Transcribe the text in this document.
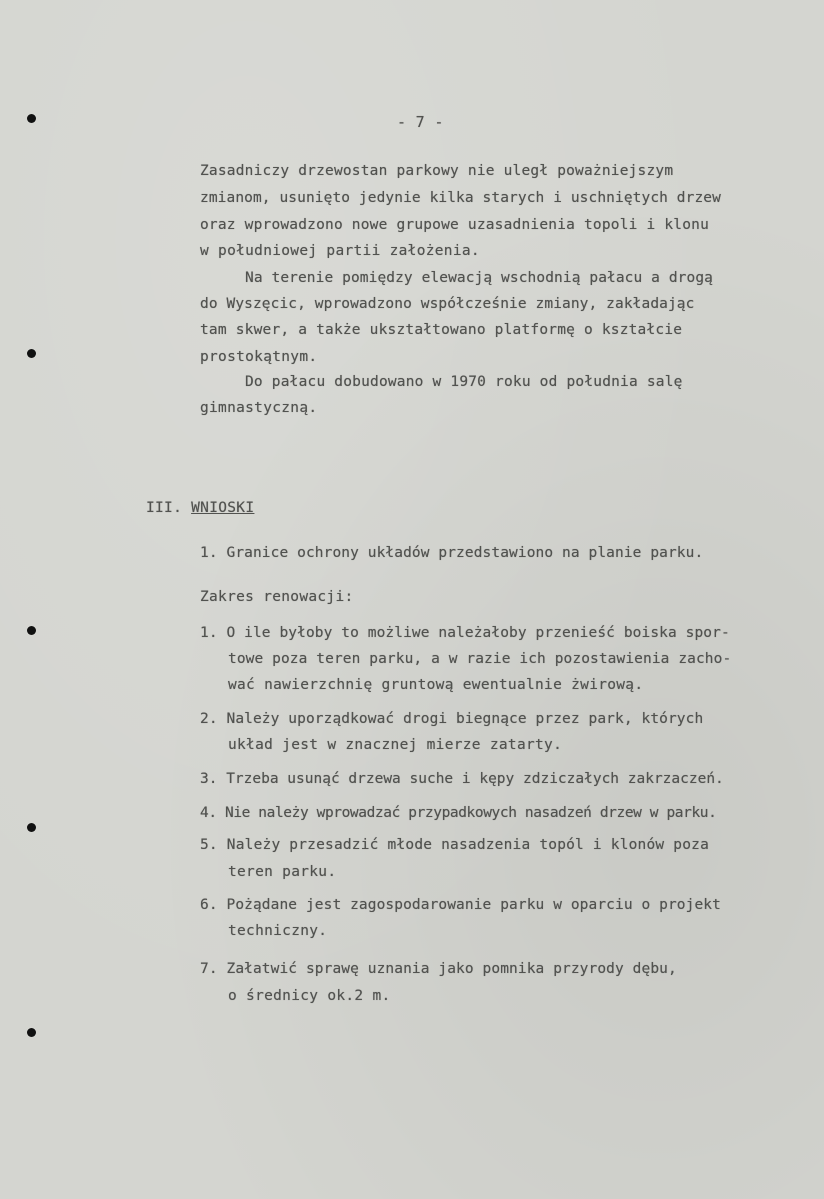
- 7 -
Zasadniczy drzewostan parkowy nie uległ poważniejszym
zmianom, usunięto jedynie kilka starych i uschniętych drzew
oraz wprowadzono nowe grupowe uzasadnienia topoli i klonu
w południowej partii założenia.
Na terenie pomiędzy elewacją wschodnią pałacu a drogą
do Wyszęcic, wprowadzono współcześnie zmiany, zakładając
tam skwer, a także ukształtowano platformę o kształcie
prostokątnym.
Do pałacu dobudowano w 1970 roku od południa salę
gimnastyczną.
III. WNIOSKI
1. Granice ochrony układów przedstawiono na planie parku.
Zakres renowacji:
1. O ile byłoby to możliwe należałoby przenieść boiska spor-
towe poza teren parku, a w razie ich pozostawienia zacho-
wać nawierzchnię gruntową ewentualnie żwirową.
2. Należy uporządkować drogi biegnące przez park, których
układ jest w znacznej mierze zatarty.
3. Trzeba usunąć drzewa suche i kępy zdziczałych zakrzaczeń.
4. Nie należy wprowadzać przypadkowych nasadzeń drzew w parku.
5. Należy przesadzić młode nasadzenia topól i klonów poza
teren parku.
6. Pożądane jest zagospodarowanie parku w oparciu o projekt
techniczny.
7. Załatwić sprawę uznania jako pomnika przyrody dębu,
o średnicy ok.2 m.
